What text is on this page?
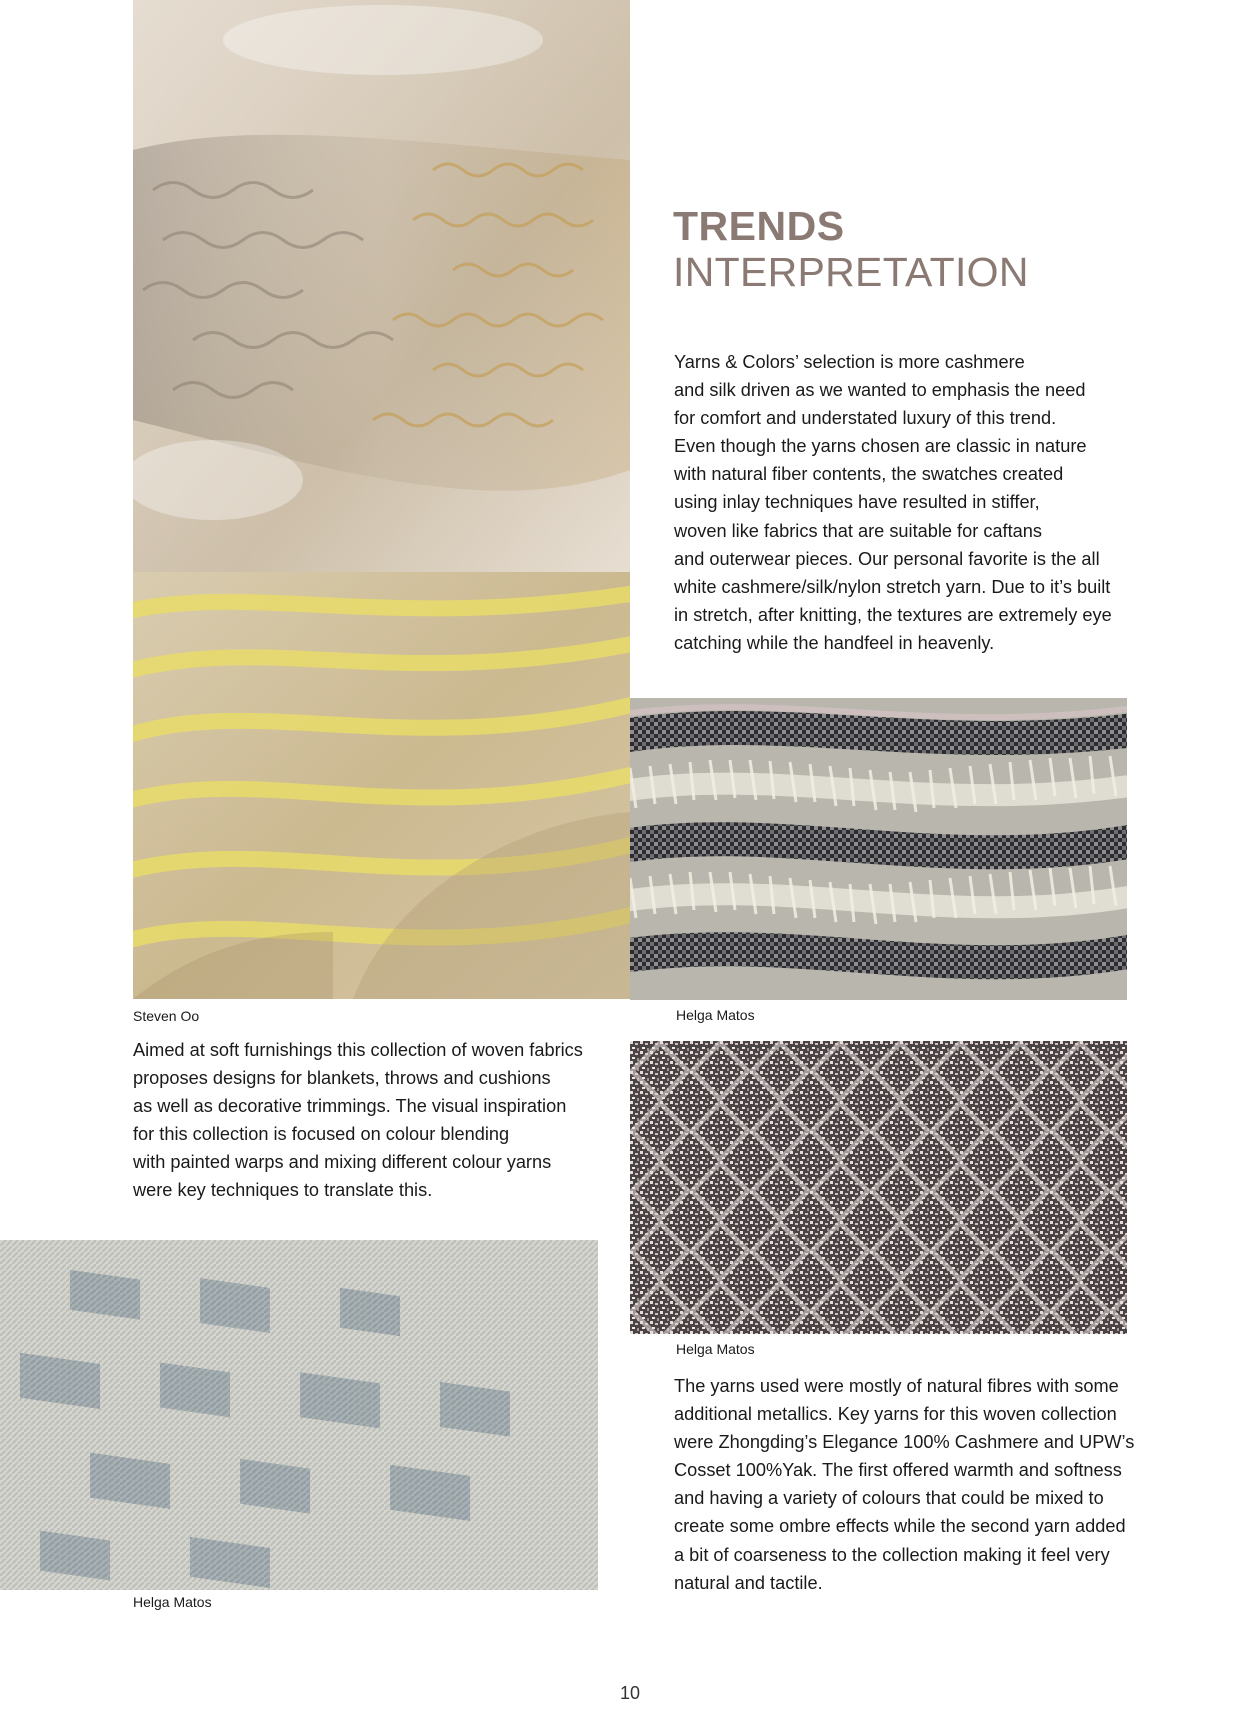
Steven Oo

TRENDS

INTERPRETATION

Yarns & Colors’ selection is more cashmere
and silk driven as we wanted to emphasis the need
for comfort and understated luxury of this trend.
Even though the yarns chosen are classic in nature
with natural fiber contents, the swatches created
using inlay techniques have resulted in stiffer,
woven like fabrics that are suitable for caftans
and outerwear pieces. Our personal favorite is the all
white cashmere/silk/nylon stretch yarn. Due to it’s built
in stretch, after knitting, the textures are extremely eye
catching while the handfeel in heavenly.
Helga Matos
Aimed at soft furnishings this collection of woven fabrics
proposes designs for blankets, throws and cushions
as well as decorative trimmings. The visual inspiration
for this collection is focused on colour blending
with painted warps and mixing different colour yarns
were key techniques to translate this.
Helga Matos
Helga Matos
The yarns used were mostly of natural fibres with some
additional metallics. Key yarns for this woven collection
were Zhongding’s Elegance 100% Cashmere and UPW’s
Cosset 100%Yak. The first offered warmth and softness
and having a variety of colours that could be mixed to
create some ombre effects while the second yarn added
a bit of coarseness to the collection making it feel very
natural and tactile.
10
